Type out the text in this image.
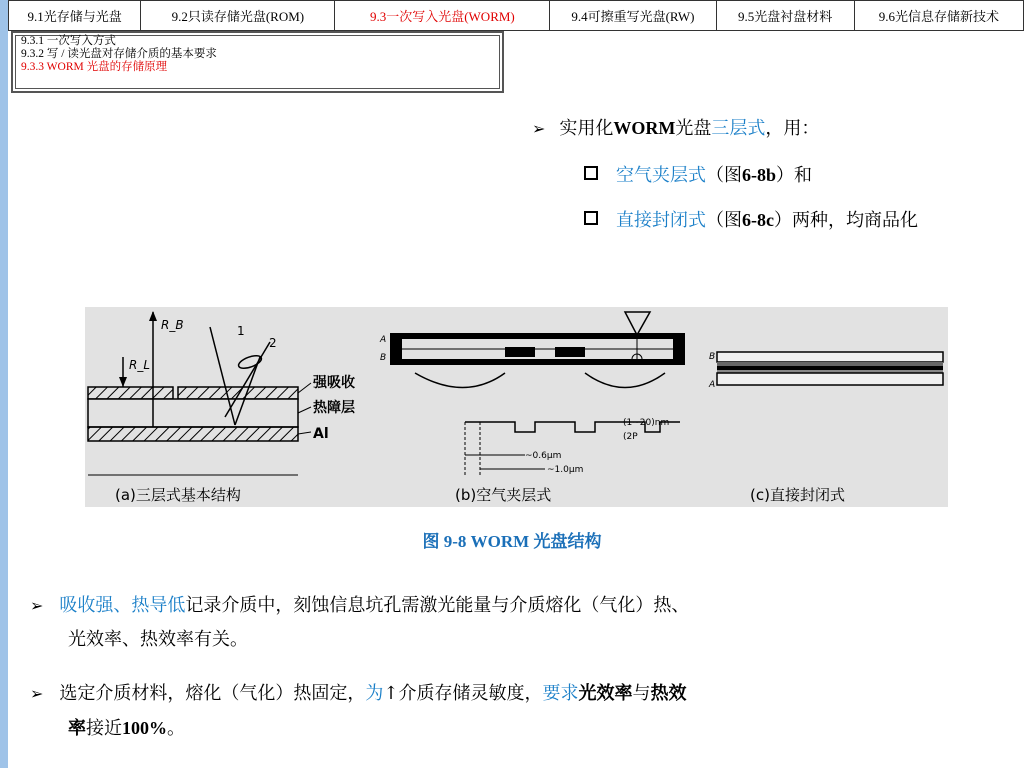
9.1光存储与光盘	9.2只读存储光盘(ROM)	9.3一次写入光盘(WORM)	9.4可擦重写光盘(RW)	9.5光盘衬盘材料	9.6光信息存储新技术
9.3.1 一次写入方式
9.3.2 写 / 读光盘对存储介质的基本要求
9.3.3 WORM 光盘的存储原理
➢ 实用化 WORM 光盘 三层式 ，用：
空气夹层式 （图 6-8b ）和
直接封闭式 （图 6-8c ）两种，均商品化
R_B
R_L
1
2
强吸收
热障层
Al
(a)三层式基本结构
A
B
~0.6μm
~1.0μm
(1~20)nm
(2P
(b)空气夹层式
B
A
(c)直接封闭式
图 9-8 WORM 光盘结构
➢ 吸收强、热导低记录介质中，刻蚀信息坑孔需激光能量与介质熔化（气化）热、
光效率、热效率有关。
➢ 选定介质材料，熔化（气化）热固定，为↑介质存储灵敏度，要求光效率与热效
率接近100%。
